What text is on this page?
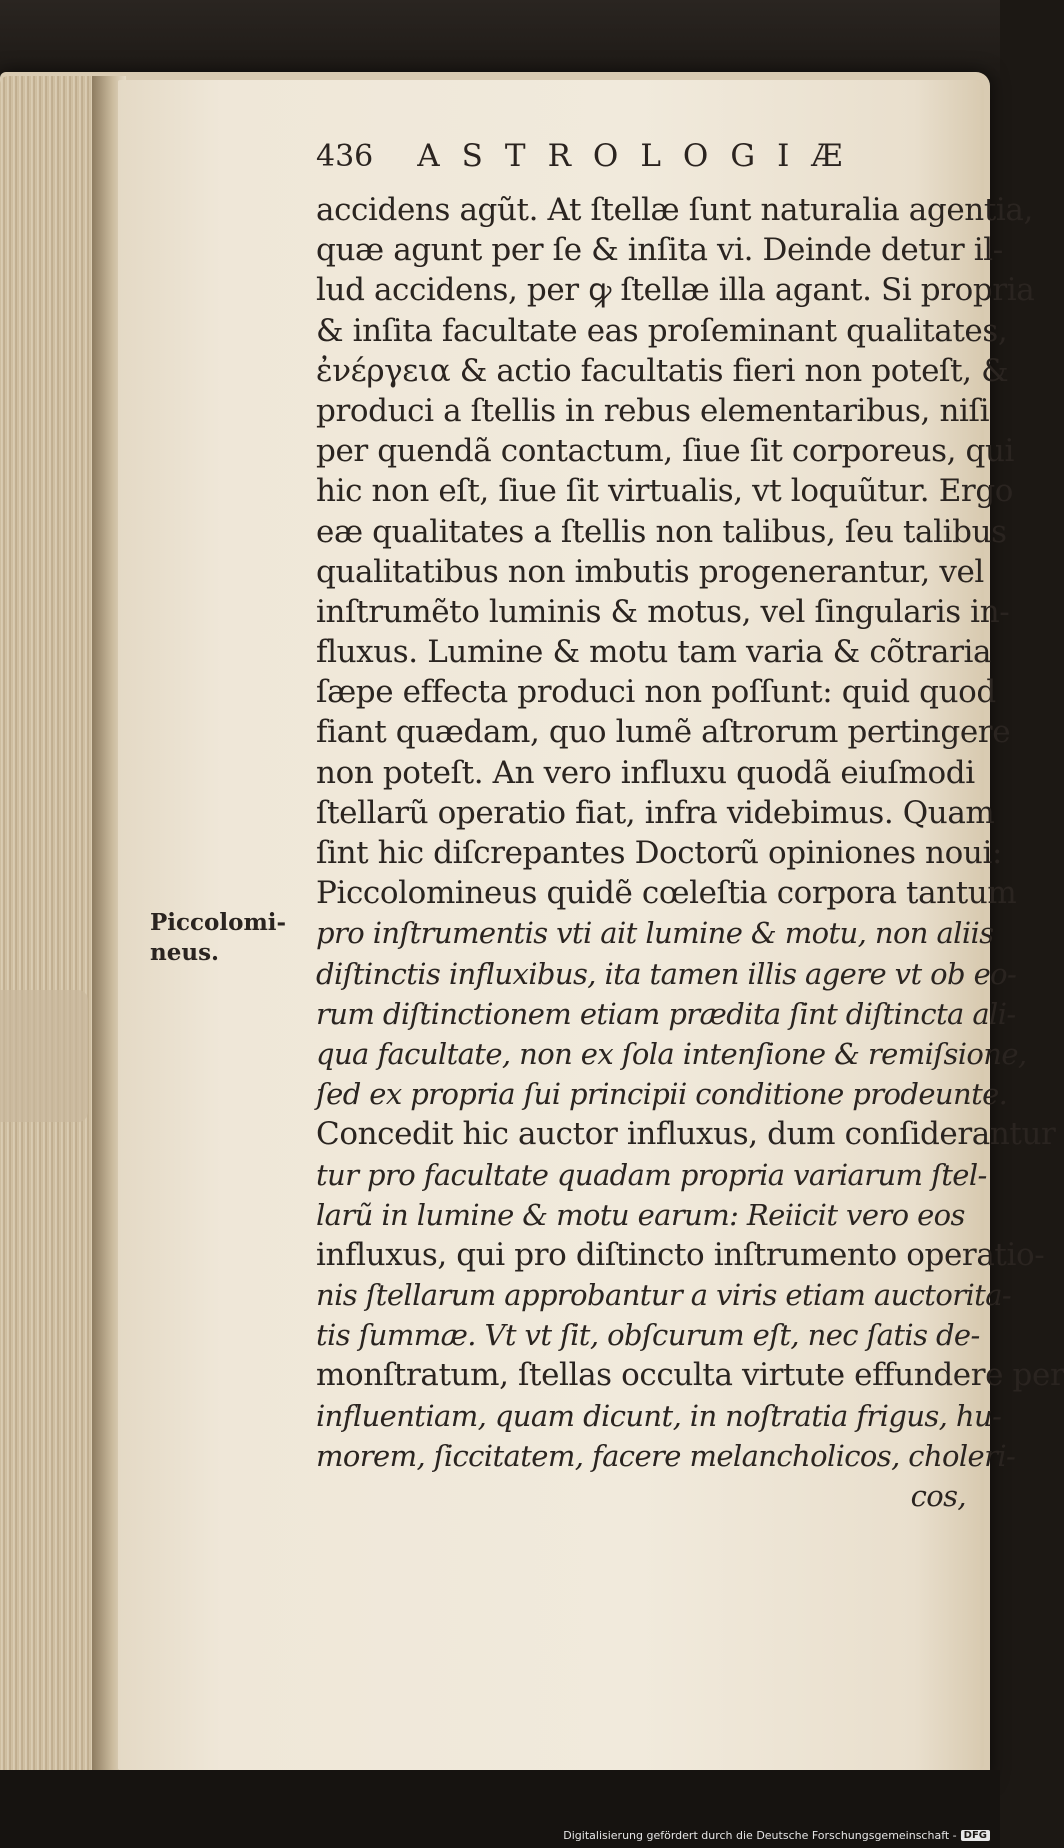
436 ASTROLOGIÆ
Piccolomi-
neus.
accidens agũt. At ſtellæ ſunt naturalia agentia,
quæ agunt per ſe & inſita vi. Deinde detur il-
lud accidens, per ꝙ ſtellæ illa agant. Si propria
& inſita facultate eas proſeminant qualitates,
ἐνέργεια & actio facultatis fieri non poteſt, &
produci a ſtellis in rebus elementaribus, niſi
per quendã contactum, ſiue ſit corporeus, qui
hic non eſt, ſiue ſit virtualis, vt loquũtur. Ergo
eæ qualitates a ſtellis non talibus, ſeu talibus
qualitatibus non imbutis progenerantur, vel
inſtrumẽto luminis & motus, vel ſingularis in-
fluxus. Lumine & motu tam varia & cõtraria
ſæpe effecta produci non poſſunt: quid quod
fiant quædam, quo lumẽ aſtrorum pertingere
non poteſt. An vero influxu quodã eiuſmodi
ſtellarũ operatio fiat, infra videbimus. Quam
ſint hic diſcrepantes Doctorũ opiniones noui:
Piccolomineus quidẽ cœleſtia corpora tantum
pro inſtrumentis vti ait lumine & motu, non aliis
diſtinctis influxibus, ita tamen illis agere vt ob eo-
rum diſtinctionem etiam prædita ſint diſtincta ali-
qua facultate, non ex ſola intenſione & remiſsione,
ſed ex propria ſui principii conditione prodeunte.
Concedit hic auctor influxus, dum conſiderantur
tur pro facultate quadam propria variarum ſtel-
larũ in lumine & motu earum: Reiicit vero eos
influxus, qui pro diſtincto inſtrumento operatio-
nis ſtellarum approbantur a viris etiam auctorita-
tis ſummæ. Vt vt ſit, obſcurum eſt, nec ſatis de-
monſtratum, ſtellas occulta virtute effundere per
influentiam, quam dicunt, in noſtratia frigus, hu-
morem, ſiccitatem, facere melancholicos, choleri-
cos,
Digitalisierung gefördert durch die Deutsche Forschungsgemeinschaft - DFG
